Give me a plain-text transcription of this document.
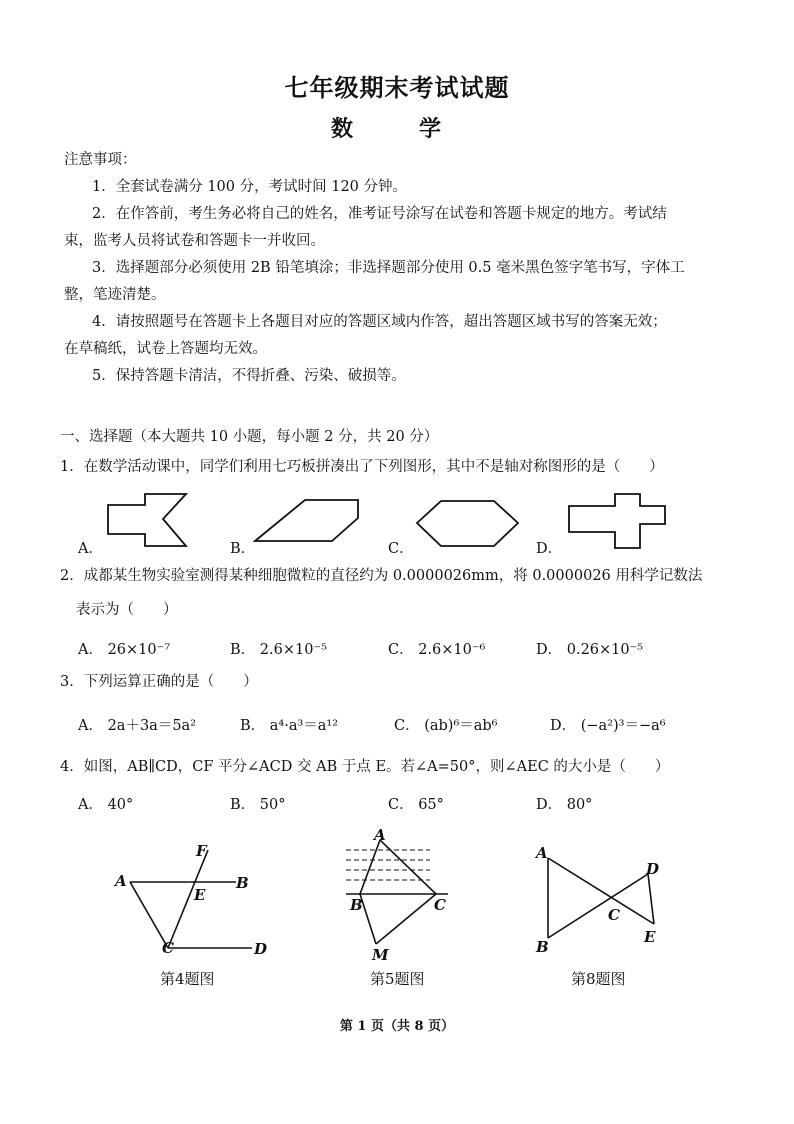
七年级期末考试试题
数　学
注意事项：
1．全套试卷满分 100 分，考试时间 120 分钟。
2．在作答前，考生务必将自己的姓名，准考证号涂写在试卷和答题卡规定的地方。考试结
束，监考人员将试卷和答题卡一并收回。
3．选择题部分必须使用 2B 铅笔填涂；非选择题部分使用 0.5 毫米黑色签字笔书写，字体工
整，笔迹清楚。
4．请按照题号在答题卡上各题目对应的答题区域内作答，超出答题区域书写的答案无效；
在草稿纸，试卷上答题均无效。
5．保持答题卡清洁，不得折叠、污染、破损等。
一、选择题（本大题共 10 小题，每小题 2 分，共 20 分）
1．在数学活动课中，同学们利用七巧板拼凑出了下列图形，其中不是轴对称图形的是（　　）
A．	B．	C．	D．
2．成都某生物实验室测得某种细胞微粒的直径约为 0.0000026mm，将 0.0000026 用科学记数法
表示为（　　）
A． 26×10⁻⁷	B． 2.6×10⁻⁵	C． 2.6×10⁻⁶	D． 0.26×10⁻⁵
3．下列运算正确的是（　　）
A． 2a＋3a＝5a²	B． a⁴·a³＝a¹²	C． (ab)⁶＝ab⁶	D． (−a²)³＝−a⁶
4．如图，AB∥CD，CF 平分∠ACD 交 AB 于点 E。若∠A=50°，则∠AEC 的大小是（　　）
A． 40°	B． 50°	C． 65°	D． 80°
F
A
E
B
C	D
A
B	C
M
A
D
C
B
E
第4题图	第5题图	第8题图
第 1 页（共 8 页）
